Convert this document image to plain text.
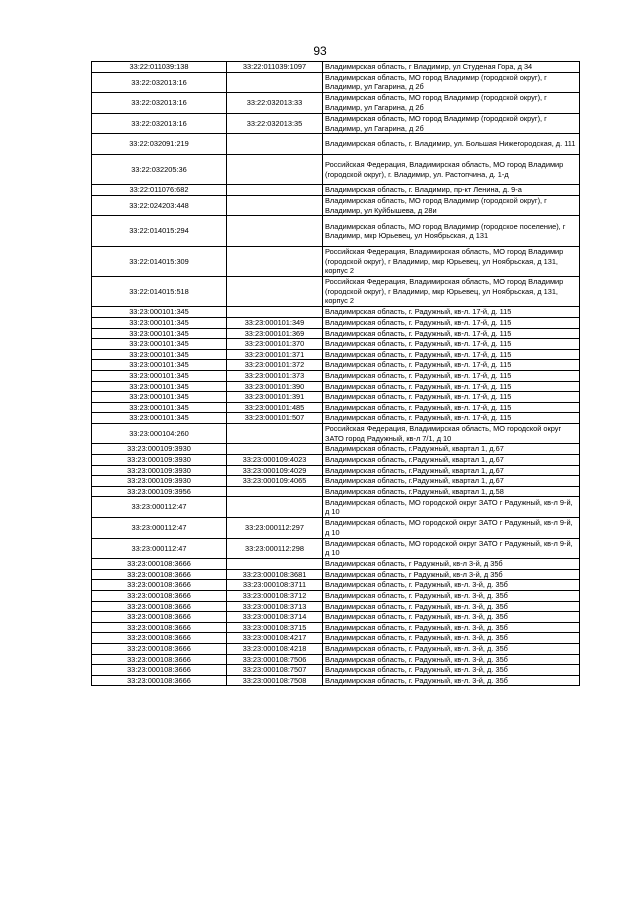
93
33:22:011039:138	33:22:011039:1097	Владимирская область, г Владимир, ул Студеная Гора, д 34
33:22:032013:16		Владимирская область, МО город Владимир (городской округ), г Владимир, ул Гагарина, д 2б
33:22:032013:16	33:22:032013:33	Владимирская область, МО город Владимир (городской округ), г Владимир, ул Гагарина, д 2б
33:22:032013:16	33:22:032013:35	Владимирская область, МО город Владимир (городской округ), г Владимир, ул Гагарина, д 2б
33:22:032091:219		Владимирская область, г. Владимир, ул. Большая Нижегородская, д. 111
33:22:032205:36		Российская Федерация, Владимирская область, МО город Владимир (городской округ), г. Владимир, ул. Растопчина, д. 1-д
33:22:011076:682		Владимирская область, г. Владимир, пр-кт Ленина, д. 9-а
33:22:024203:448		Владимирская область, МО город Владимир (городской округ), г Владимир, ул Куйбышева, д 28и
33:22:014015:294		Владимирская область, МО город Владимир (городское поселение), г Владимир, мкр Юрьевец, ул Ноябрьская, д 131
33:22:014015:309		Российская Федерация, Владимирская область, МО город Владимир (городской округ), г Владимир, мкр Юрьевец, ул Ноябрьская, д 131, корпус 2
33:22:014015:518		Российская Федерация, Владимирская область, МО город Владимир (городской округ), г Владимир, мкр Юрьевец, ул Ноябрьская, д 131, корпус 2
33:23:000101:345		Владимирская область, г. Радужный, кв-л. 17-й, д. 115
33:23:000101:345	33:23:000101:349	Владимирская область, г. Радужный, кв-л. 17-й, д. 115
33:23:000101:345	33:23:000101:369	Владимирская область, г. Радужный, кв-л. 17-й, д. 115
33:23:000101:345	33:23:000101:370	Владимирская область, г. Радужный, кв-л. 17-й, д. 115
33:23:000101:345	33:23:000101:371	Владимирская область, г. Радужный, кв-л. 17-й, д. 115
33:23:000101:345	33:23:000101:372	Владимирская область, г. Радужный, кв-л. 17-й, д. 115
33:23:000101:345	33:23:000101:373	Владимирская область, г. Радужный, кв-л. 17-й, д. 115
33:23:000101:345	33:23:000101:390	Владимирская область, г. Радужный, кв-л. 17-й, д. 115
33:23:000101:345	33:23:000101:391	Владимирская область, г. Радужный, кв-л. 17-й, д. 115
33:23:000101:345	33:23:000101:485	Владимирская область, г. Радужный, кв-л. 17-й, д. 115
33:23:000101:345	33:23:000101:507	Владимирская область, г. Радужный, кв-л. 17-й, д. 115
33:23:000104:260		Российская Федерация, Владимирская область, МО городской округ ЗАТО город Радужный, кв-л 7/1, д 10
33:23:000109:3930		Владимирская область, г.Радужный, квартал 1, д.67
33:23:000109:3930	33:23:000109:4023	Владимирская область, г.Радужный, квартал 1, д.67
33:23:000109:3930	33:23:000109:4029	Владимирская область, г.Радужный, квартал 1, д.67
33:23:000109:3930	33:23:000109:4065	Владимирская область, г.Радужный, квартал 1, д.67
33:23:000109:3956		Владимирская область, г.Радужный, квартал 1, д.58
33:23:000112:47		Владимирская область, МО городской округ ЗАТО г Радужный, кв-л 9-й, д 10
33:23:000112:47	33:23:000112:297	Владимирская область, МО городской округ ЗАТО г Радужный, кв-л 9-й, д 10
33:23:000112:47	33:23:000112:298	Владимирская область, МО городской округ ЗАТО г Радужный, кв-л 9-й, д 10
33:23:000108:3666		Владимирская область, г Радужный, кв-л 3-й, д 35б
33:23:000108:3666	33:23:000108:3681	Владимирская область, г Радужный, кв-л 3-й, д 35б
33:23:000108:3666	33:23:000108:3711	Владимирская область, г. Радужный, кв-л. 3-й, д. 35б
33:23:000108:3666	33:23:000108:3712	Владимирская область, г. Радужный, кв-л. 3-й, д. 35б
33:23:000108:3666	33:23:000108:3713	Владимирская область, г. Радужный, кв-л. 3-й, д. 35б
33:23:000108:3666	33:23:000108:3714	Владимирская область, г. Радужный, кв-л. 3-й, д. 35б
33:23:000108:3666	33:23:000108:3715	Владимирская область, г. Радужный, кв-л. 3-й, д. 35б
33:23:000108:3666	33:23:000108:4217	Владимирская область, г. Радужный, кв-л. 3-й, д. 35б
33:23:000108:3666	33:23:000108:4218	Владимирская область, г. Радужный, кв-л. 3-й, д. 35б
33:23:000108:3666	33:23:000108:7506	Владимирская область, г. Радужный, кв-л. 3-й, д. 35б
33:23:000108:3666	33:23:000108:7507	Владимирская область, г. Радужный, кв-л. 3-й, д. 35б
33:23:000108:3666	33:23:000108:7508	Владимирская область, г. Радужный, кв-л. 3-й, д. 35б
